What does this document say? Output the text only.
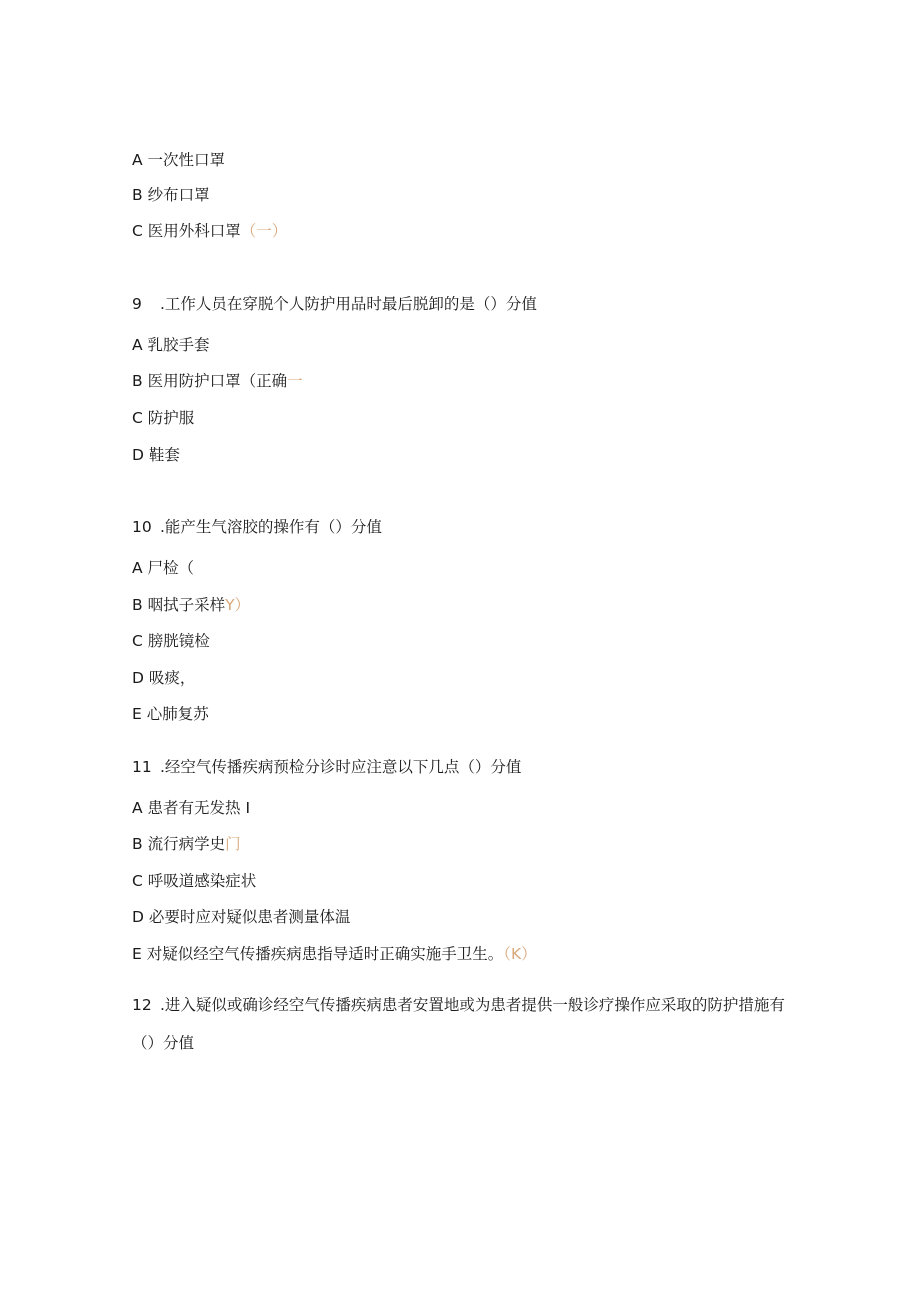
A 一次性口罩
B 纱布口罩
C 医用外科口罩（一）
9 .工作人员在穿脱个人防护用品时最后脱卸的是（）分值
A 乳胶手套
B 医用防护口罩（正确一
C 防护服
D 鞋套
10 .能产生气溶胶的操作有（）分值
A 尸检（
B 咽拭子采样Y）
C 膀胱镜检
D 吸痰，
E 心肺复苏
11 .经空气传播疾病预检分诊时应注意以下几点（）分值
A 患者有无发热 I
B 流行病学史门
C 呼吸道感染症状
D 必要时应对疑似患者测量体温
E 对疑似经空气传播疾病患指导适时正确实施手卫生。（K）
12 .进入疑似或确诊经空气传播疾病患者安置地或为患者提供一般诊疗操作应采取的防护措施有（）分值
